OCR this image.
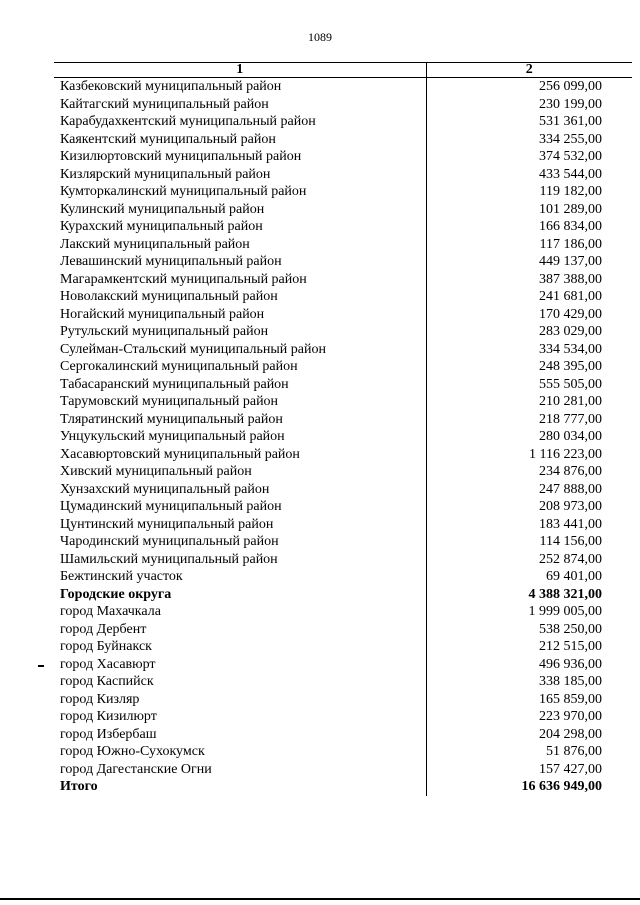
1089
1	2
Казбековский муниципальный район	256 099,00
Кайтагский муниципальный район	230 199,00
Карабудахкентский муниципальный район	531 361,00
Каякентский муниципальный район	334 255,00
Кизилюртовский муниципальный район	374 532,00
Кизлярский муниципальный район	433 544,00
Кумторкалинский муниципальный район	119 182,00
Кулинский муниципальный район	101 289,00
Курахский муниципальный район	166 834,00
Лакский муниципальный район	117 186,00
Левашинский муниципальный район	449 137,00
Магарамкентский муниципальный район	387 388,00
Новолакский муниципальный район	241 681,00
Ногайский муниципальный район	170 429,00
Рутульский муниципальный район	283 029,00
Сулейман-Стальский муниципальный район	334 534,00
Сергокалинский муниципальный район	248 395,00
Табасаранский муниципальный район	555 505,00
Тарумовский муниципальный район	210 281,00
Тляратинский муниципальный район	218 777,00
Унцукульский муниципальный район	280 034,00
Хасавюртовский муниципальный район	1 116 223,00
Хивский муниципальный район	234 876,00
Хунзахский муниципальный район	247 888,00
Цумадинский муниципальный район	208 973,00
Цунтинский муниципальный район	183 441,00
Чародинский муниципальный район	114 156,00
Шамильский муниципальный район	252 874,00
Бежтинский участок	69 401,00
Городские округа	4 388 321,00
город Махачкала	1 999 005,00
город Дербент	538 250,00
город Буйнакск	212 515,00
город Хасавюрт	496 936,00
город Каспийск	338 185,00
город Кизляр	165 859,00
город Кизилюрт	223 970,00
город Избербаш	204 298,00
город Южно-Сухокумск	51 876,00
город Дагестанские Огни	157 427,00
Итого	16 636 949,00
